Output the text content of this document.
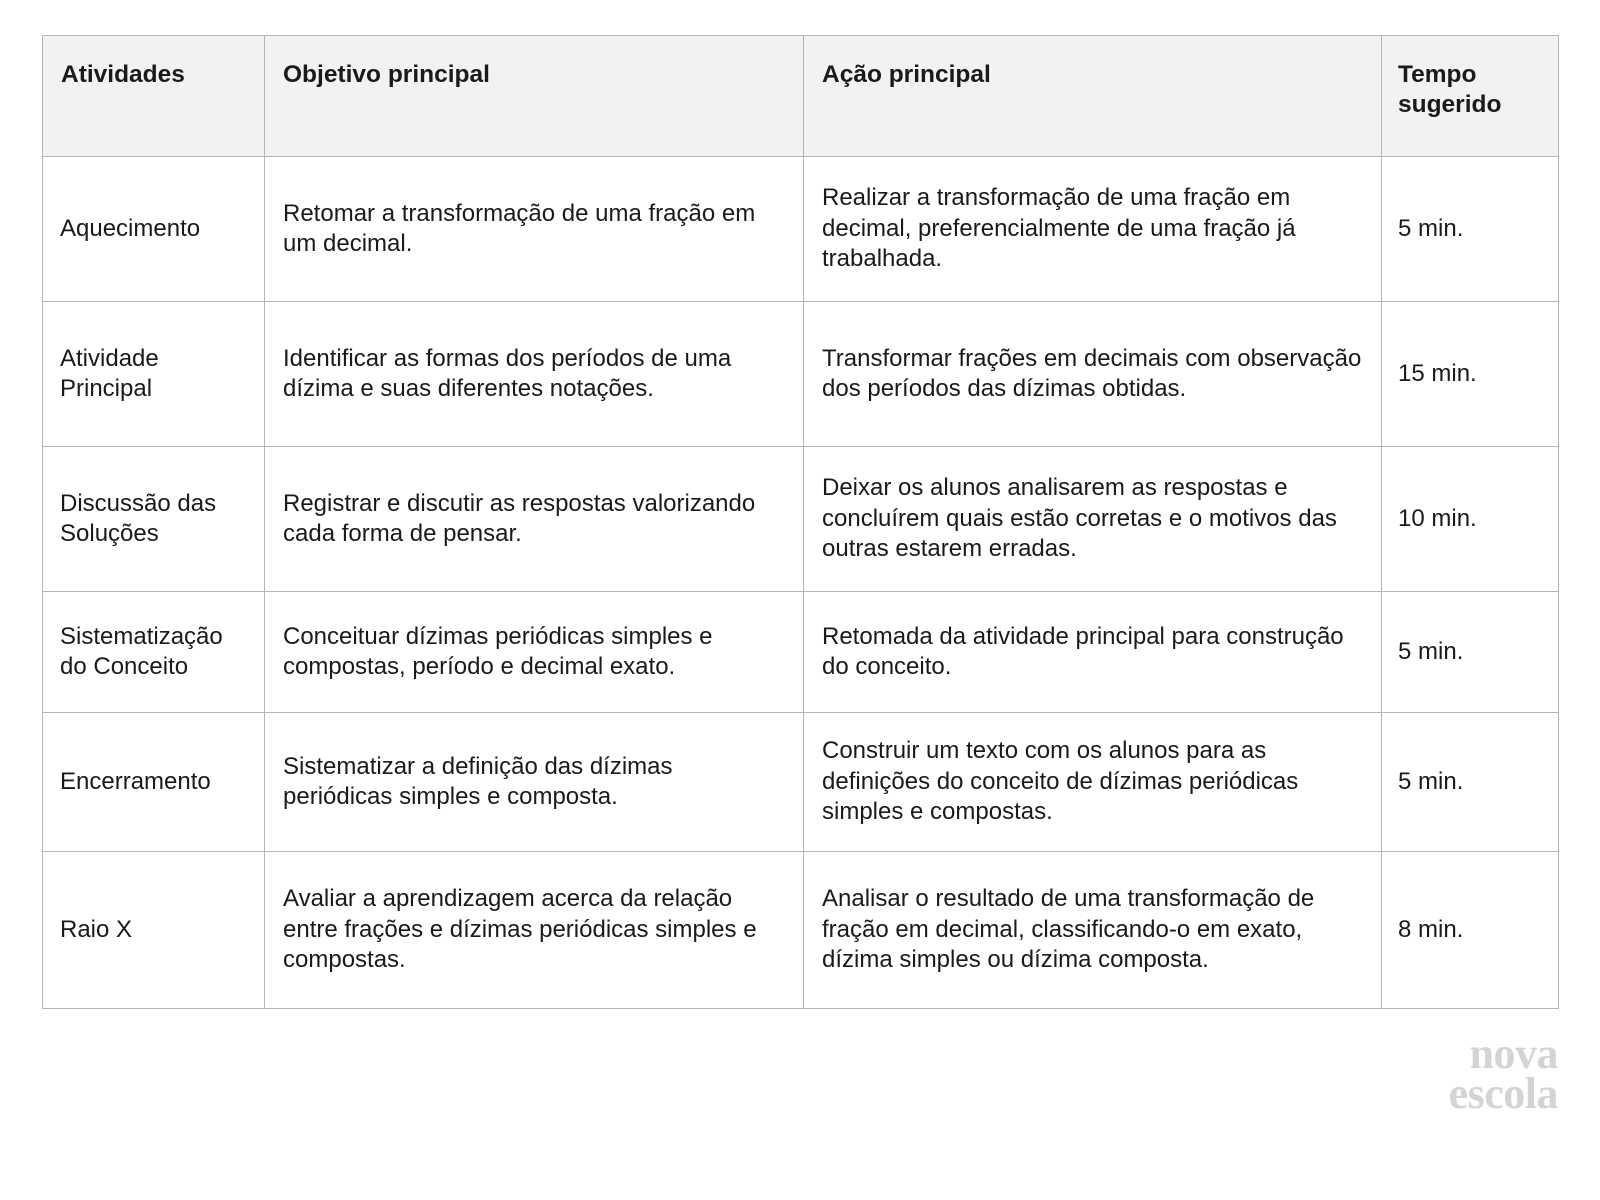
Atividades	Objetivo principal	Ação principal	Tempo sugerido
Aquecimento	Retomar a transformação de uma fração em um decimal.	Realizar a transformação de uma fração em decimal, preferencialmente de uma fração já trabalhada.	5 min.
Atividade Principal	Identificar as formas dos períodos de uma dízima e suas diferentes notações.	Transformar frações em decimais com observação dos períodos das dízimas obtidas.	15 min.
Discussão das Soluções	Registrar e discutir as respostas valorizando cada forma de pensar.	Deixar os alunos analisarem as respostas e concluírem quais estão corretas e o motivos das outras estarem erradas.	10 min.
Sistematização do Conceito	Conceituar dízimas periódicas simples e compostas, período e decimal exato.	Retomada da atividade principal para construção do conceito.	5 min.
Encerramento	Sistematizar a definição das dízimas periódicas simples e composta.	Construir um texto com os alunos para as definições do conceito de dízimas periódicas simples e compostas.	5 min.
Raio X	Avaliar a aprendizagem acerca da relação entre frações e dízimas periódicas simples e compostas.	Analisar o resultado de uma transformação de fração em decimal, classificando-o em exato, dízima simples ou dízima composta.	8 min.
nova
escola
